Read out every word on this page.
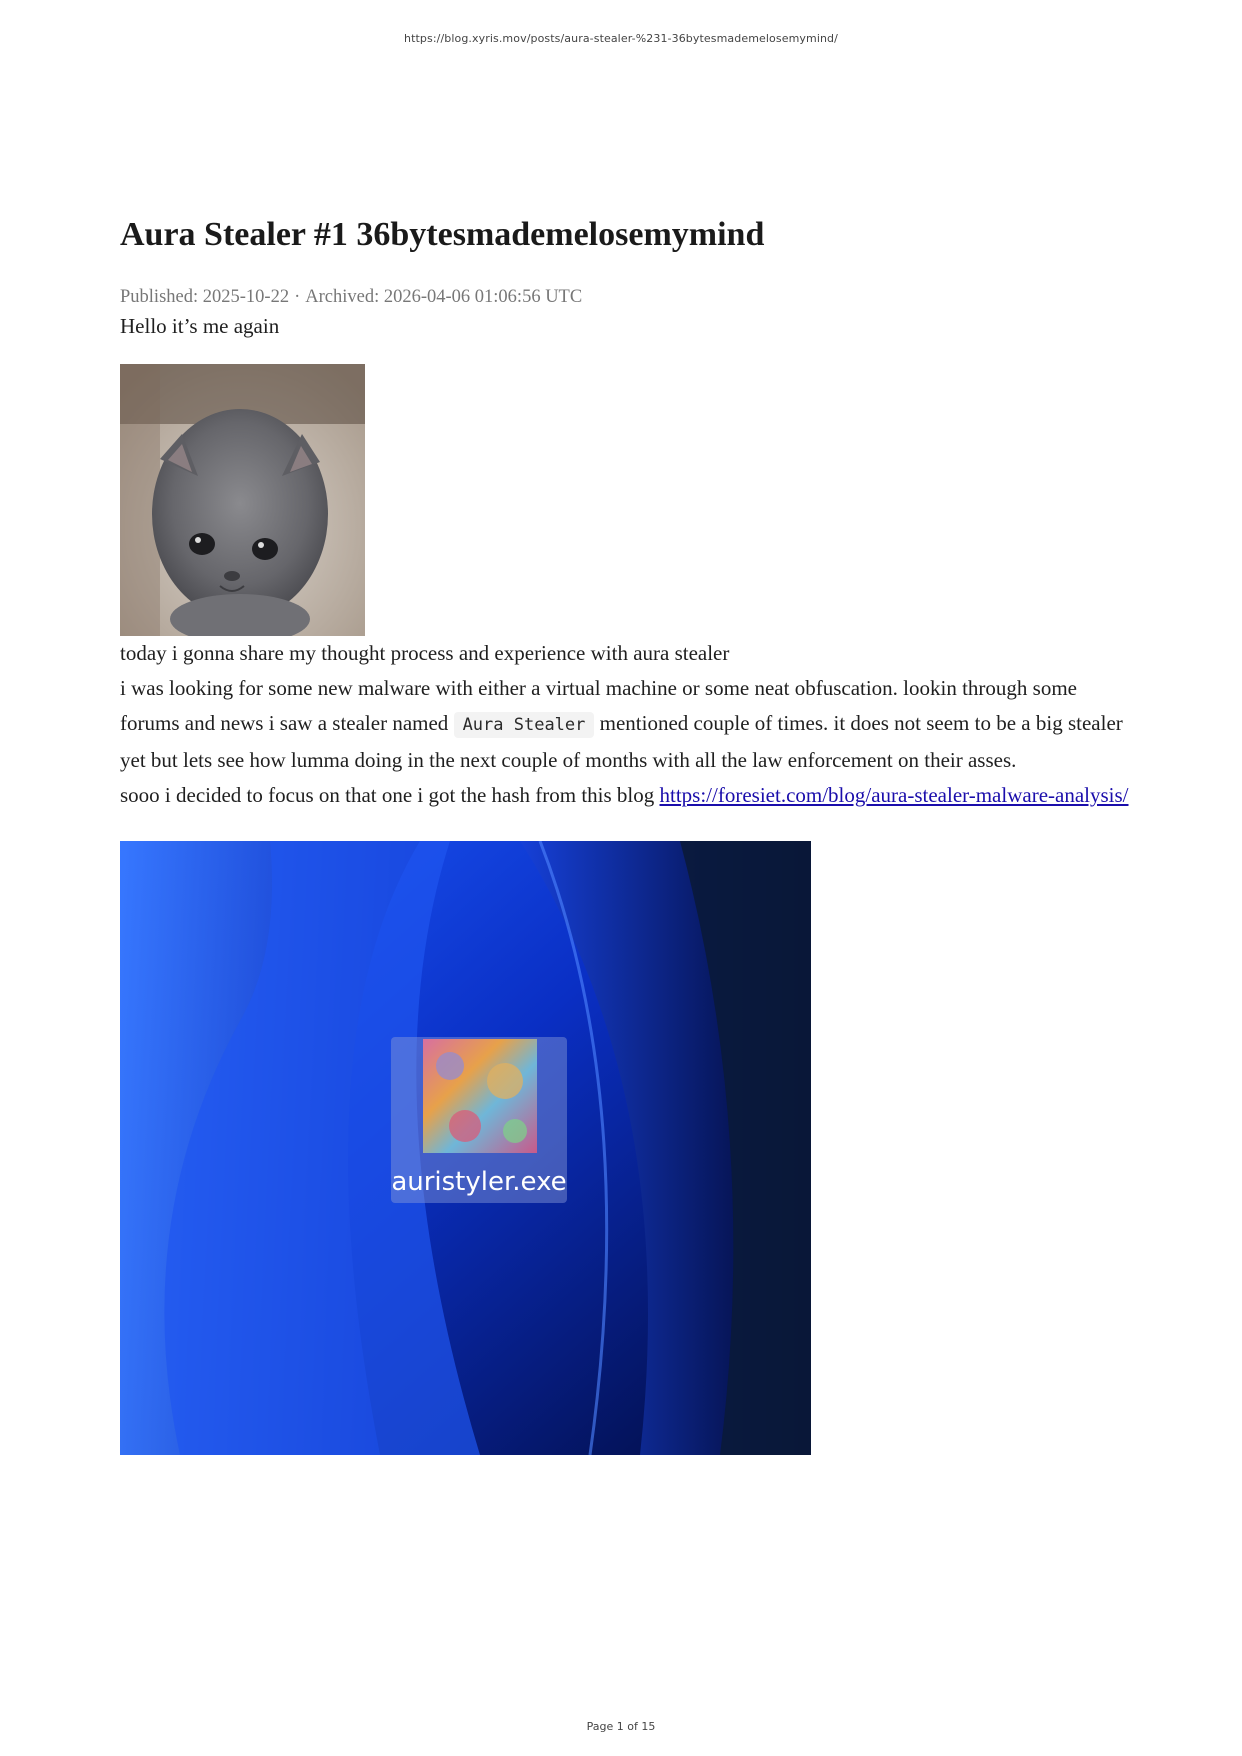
https://blog.xyris.mov/posts/aura-stealer-%231-36bytesmademelosemymind/
Aura Stealer #1 36bytesmademelosemymind
Published: 2025-10-22 · Archived: 2026-04-06 01:06:56 UTC

Hello it’s me again

today i gonna share my thought process and experience with aura stealer

i was looking for some new malware with either a virtual machine or some neat obfuscation. lookin through some forums and news i saw a stealer named Aura Stealer mentioned couple of times. it does not seem to be a big stealer yet but lets see how lumma doing in the next couple of months with all the law enforcement on their asses.

sooo i decided to focus on that one i got the hash from this blog https://foresiet.com/blog/aura-stealer-malware-analysis/

auristyler.exe
Page 1 of 15
